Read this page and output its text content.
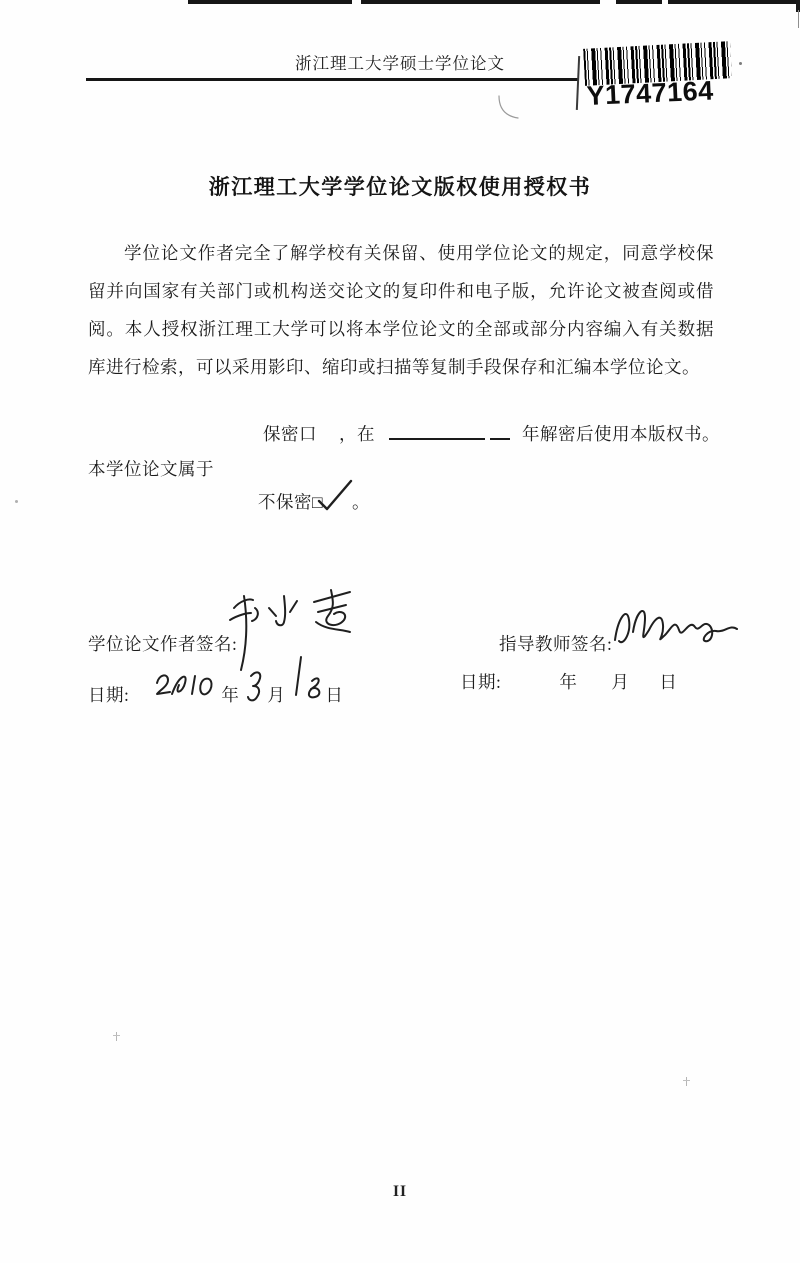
浙江理工大学硕士学位论文
Y1747164
浙江理工大学学位论文版权使用授权书
学位论文作者完全了解学校有关保留、使用学位论文的规定，同意学校保留并向国家有关部门或机构送交论文的复印件和电子版，允许论文被查阅或借阅。本人授权浙江理工大学可以将本学位论文的全部或部分内容编入有关数据库进行检索，可以采用影印、缩印或扫描等复制手段保存和汇编本学位论文。
保密口 ，在	年解密后使用本版权书。
本学位论文属于
不保密□ 。
学位论文作者签名:	指导教师签名:
日期:	年 月 日
日期:	年 月 日
II
